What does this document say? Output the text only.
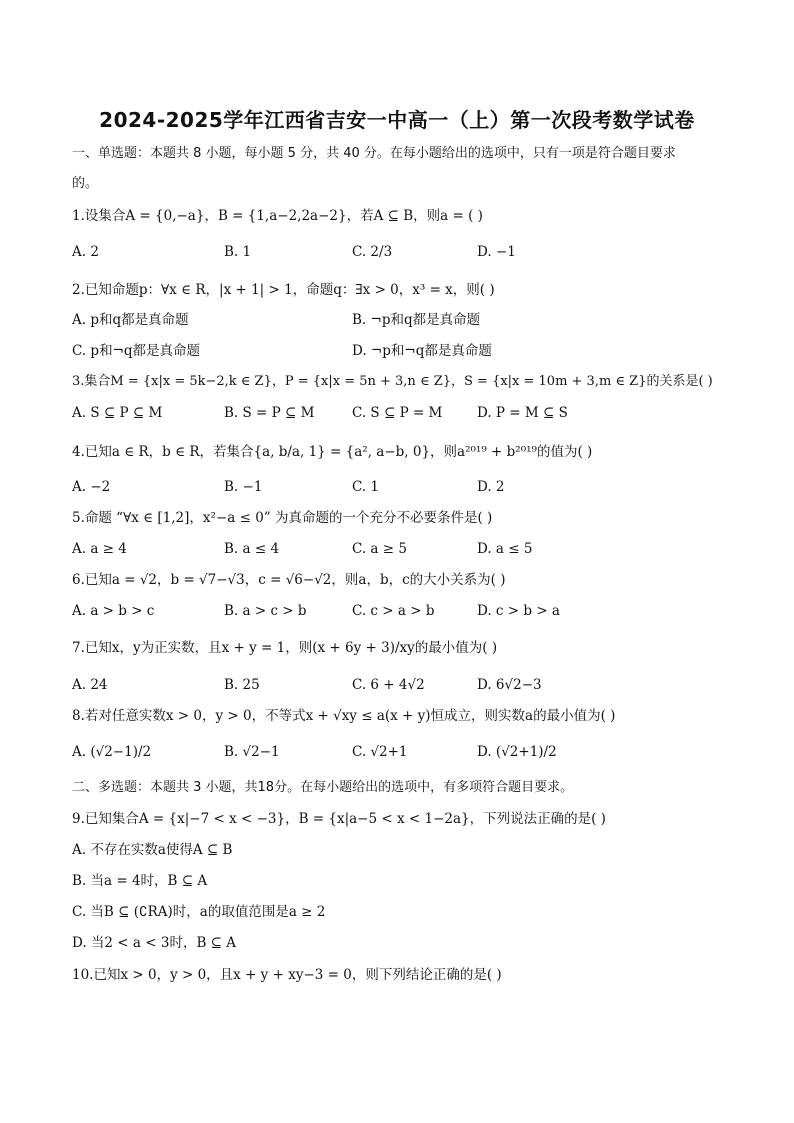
2024-2025学年江西省吉安一中高一（上）第一次段考数学试卷
一、单选题：本题共 8 小题，每小题 5 分，共 40 分。在每小题给出的选项中，只有一项是符合题目要求
的。
1.设集合A = {0,−a}，B = {1,a−2,2a−2}，若A ⊆ B，则a = ( )
A. 2	B. 1	C. 2/3	D. −1
2.已知命题p：∀x ∈ R，|x + 1| > 1，命题q：∃x > 0，x³ = x，则( )
A. p和q都是真命题	B. ¬p和q都是真命题
C. p和¬q都是真命题	D. ¬p和¬q都是真命题
3.集合M = {x|x = 5k−2,k ∈ Z}，P = {x|x = 5n + 3,n ∈ Z}，S = {x|x = 10m + 3,m ∈ Z}的关系是( )
A. S ⊆ P ⊆ M	B. S = P ⊆ M	C. S ⊆ P = M	D. P = M ⊆ S
4.已知a ∈ R，b ∈ R，若集合{a, b/a, 1} = {a², a−b, 0}，则a²⁰¹⁹ + b²⁰¹⁹的值为( )
A. −2	B. −1	C. 1	D. 2
5.命题 “∀x ∈ [1,2]，x²−a ≤ 0” 为真命题的一个充分不必要条件是( )
A. a ≥ 4	B. a ≤ 4	C. a ≥ 5	D. a ≤ 5
6.已知a = √2，b = √7−√3，c = √6−√2，则a，b，c的大小关系为( )
A. a > b > c	B. a > c > b	C. c > a > b	D. c > b > a
7.已知x，y为正实数，且x + y = 1，则(x + 6y + 3)/xy的最小值为( )
A. 24	B. 25	C. 6 + 4√2	D. 6√2−3
8.若对任意实数x > 0，y > 0，不等式x + √xy ≤ a(x + y)恒成立，则实数a的最小值为( )
A. (√2−1)/2	B. √2−1	C. √2+1	D. (√2+1)/2
二、多选题：本题共 3 小题，共18分。在每小题给出的选项中，有多项符合题目要求。
9.已知集合A = {x|−7 < x < −3}，B = {x|a−5 < x < 1−2a}，下列说法正确的是( )
A. 不存在实数a使得A ⊆ B
B. 当a = 4时，B ⊆ A
C. 当B ⊆ (∁RA)时，a的取值范围是a ≥ 2
D. 当2 < a < 3时，B ⊆ A
10.已知x > 0，y > 0，且x + y + xy−3 = 0，则下列结论正确的是( )
